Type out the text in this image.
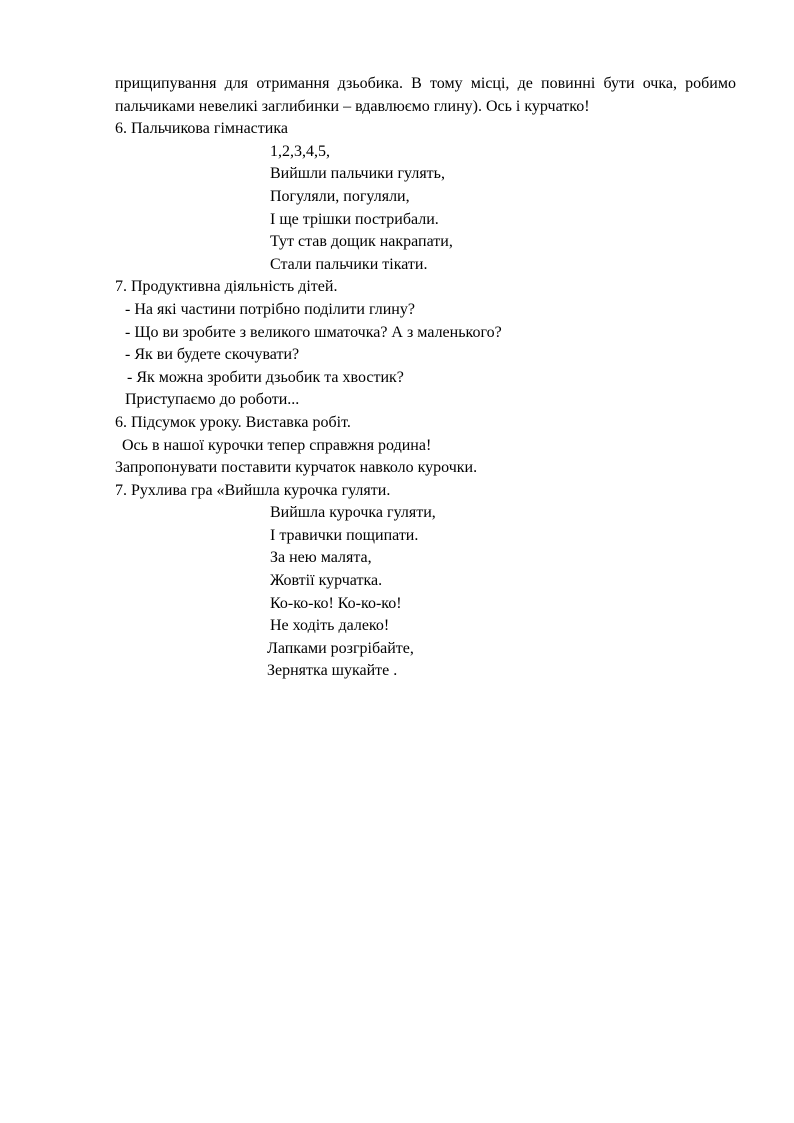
прищипування для отримання дзьобика. В тому місці, де повинні бути очка, робимо пальчиками невеликі заглибинки – вдавлюємо глину). Ось і курчатко!

6. Пальчикова гімнастика

1,2,3,4,5,

Вийшли пальчики гулять,

Погуляли, погуляли,

І ще трішки пострибали.

Тут став дощик накрапати,

Стали пальчики тікати.

7. Продуктивна діяльність дітей.

- На які частини потрібно поділити глину?

- Що ви зробите з великого шматочка? А з маленького?

- Як ви будете скочувати?

- Як можна зробити дзьобик та хвостик?

Приступаємо до роботи...

6. Підсумок уроку. Виставка робіт.

Ось в нашої курочки тепер справжня родина!

Запропонувати поставити курчаток навколо курочки.

7. Рухлива гра «Вийшла курочка гуляти.

Вийшла курочка гуляти,

І травички пощипати.

За нею малята,

Жовтії курчатка.

Ко-ко-ко! Ко-ко-ко!

Не ходіть далеко!

Лапками розгрібайте,

Зернятка шукайте .
